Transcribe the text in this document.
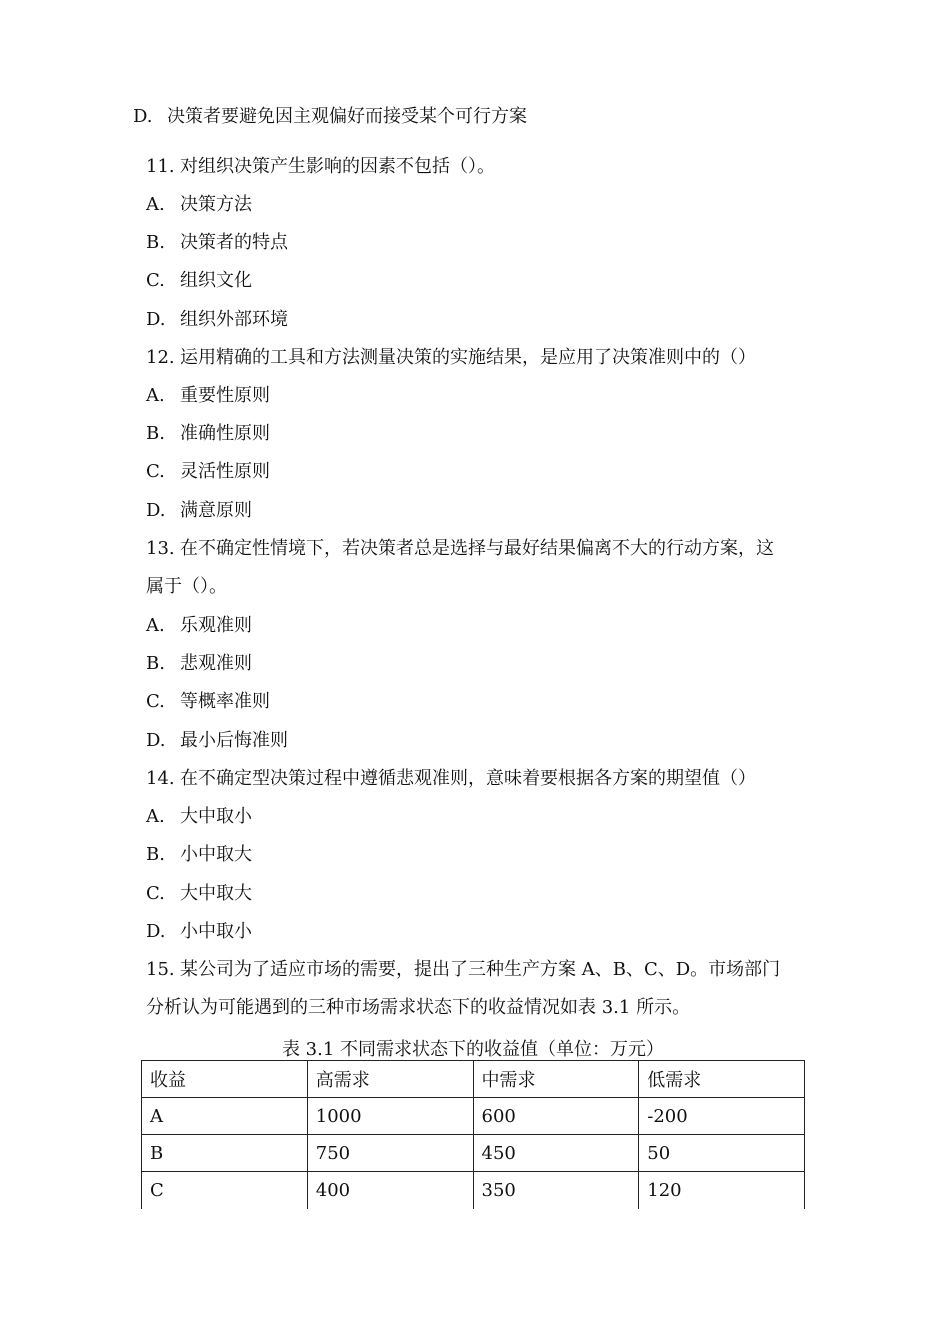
D. 决策者要避免因主观偏好而接受某个可行方案
11. 对组织决策产生影响的因素不包括（）。
A. 决策方法
B. 决策者的特点
C. 组织文化
D. 组织外部环境
12. 运用精确的工具和方法测量决策的实施结果，是应用了决策准则中的（）
A. 重要性原则
B. 准确性原则
C. 灵活性原则
D. 满意原则
13. 在不确定性情境下，若决策者总是选择与最好结果偏离不大的行动方案，这
属于（）。
A. 乐观准则
B. 悲观准则
C. 等概率准则
D. 最小后悔准则
14. 在不确定型决策过程中遵循悲观准则，意味着要根据各方案的期望值（）
A. 大中取小
B. 小中取大
C. 大中取大
D. 小中取小
15. 某公司为了适应市场的需要，提出了三种生产方案 A、B、C、D。市场部门
分析认为可能遇到的三种市场需求状态下的收益情况如表 3.1 所示。
表 3.1 不同需求状态下的收益值（单位：万元）
收益	高需求	中需求	低需求
A	1000	600	-200
B	750	450	50
C	400	350	120
